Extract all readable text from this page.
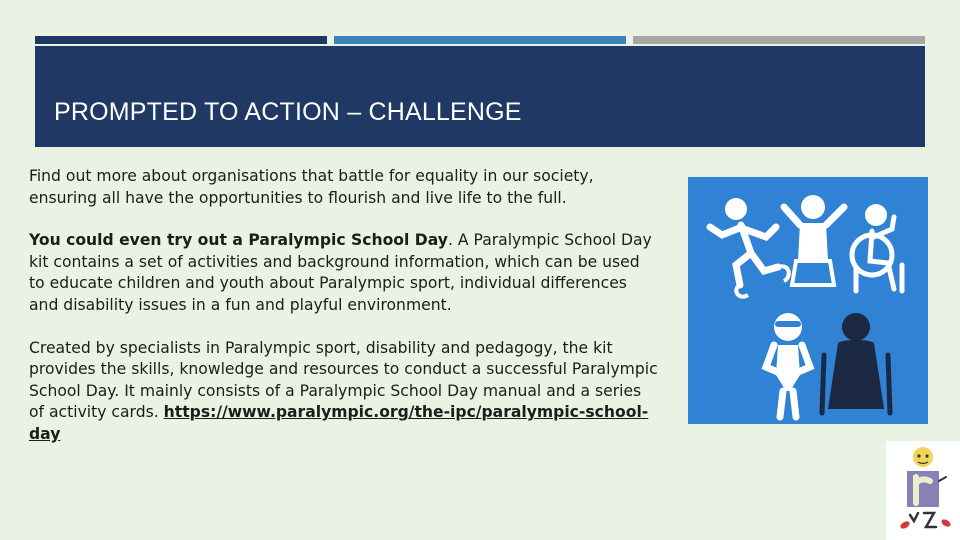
PROMPTED TO ACTION – CHALLENGE

Find out more about organisations that battle for equality in our society, ensuring all have the opportunities to flourish and live life to the full.

You could even try out a Paralympic School Day. A Paralympic School Day kit contains a set of activities and background information, which can be used to educate children and youth about Paralympic sport, individual differences and disability issues in a fun and playful environment.

Created by specialists in Paralympic sport, disability and pedagogy, the kit provides the skills, knowledge and resources to conduct a successful Paralympic School Day. It mainly consists of a Paralympic School Day manual and a series of activity cards. https://www.paralympic.org/the-ipc/paralympic-school-day
